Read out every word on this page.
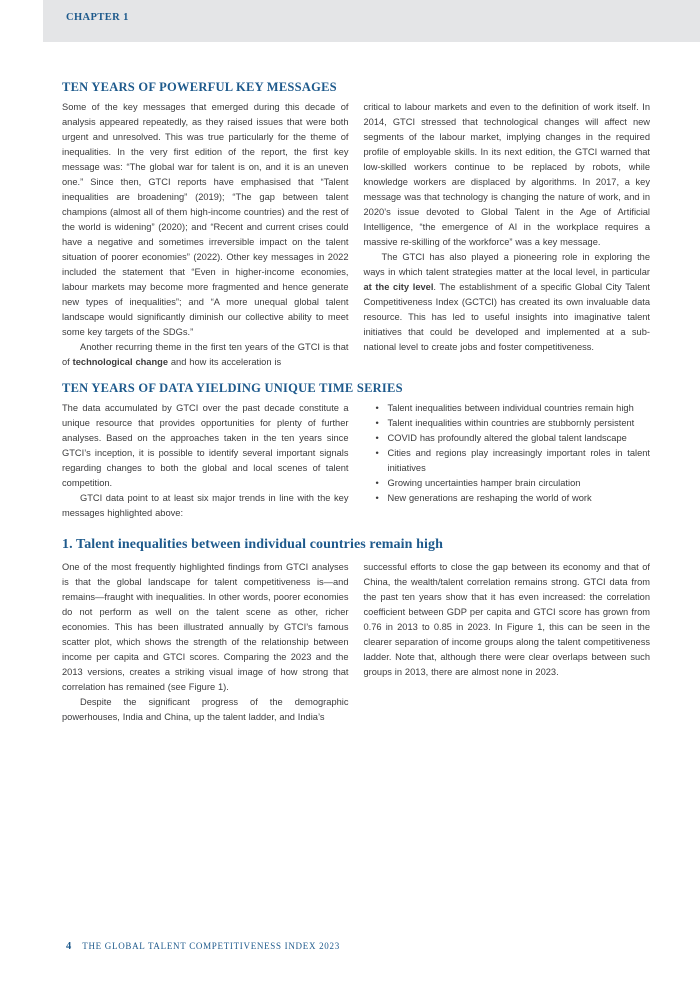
CHAPTER 1
TEN YEARS OF POWERFUL KEY MESSAGES

Some of the key messages that emerged during this decade of analysis appeared repeatedly, as they raised issues that were both urgent and unresolved. This was true particularly for the theme of inequalities. In the very first edition of the report, the first key message was: “The global war for talent is on, and it is an uneven one.” Since then, GTCI reports have emphasised that “Talent inequalities are broadening” (2019); “The gap between talent champions (almost all of them high-income countries) and the rest of the world is widening” (2020); and “Recent and current crises could have a negative and sometimes irreversible impact on the talent situation of poorer economies” (2022). Other key messages in 2022 included the statement that “Even in higher-income economies, labour markets may become more fragmented and hence generate new types of inequalities”; and “A more unequal global talent landscape would significantly diminish our collective ability to meet some key targets of the SDGs.”

Another recurring theme in the first ten years of the GTCI is that of technological change and how its acceleration is

critical to labour markets and even to the definition of work itself. In 2014, GTCI stressed that technological changes will affect new segments of the labour market, implying changes in the required profile of employable skills. In its next edition, the GTCI warned that low-skilled workers continue to be replaced by robots, while knowledge workers are displaced by algorithms. In 2017, a key message was that technology is changing the nature of work, and in 2020’s issue devoted to Global Talent in the Age of Artificial Intelligence, “the emergence of AI in the workplace requires a massive re-skilling of the workforce” was a key message.

The GTCI has also played a pioneering role in exploring the ways in which talent strategies matter at the local level, in particular at the city level. The establishment of a specific Global City Talent Competitiveness Index (GCTCI) has created its own invaluable data resource. This has led to useful insights into imaginative talent initiatives that could be developed and implemented at a sub-national level to create jobs and foster competitiveness.

TEN YEARS OF DATA YIELDING UNIQUE TIME SERIES

The data accumulated by GTCI over the past decade constitute a unique resource that provides opportunities for plenty of further analyses. Based on the approaches taken in the ten years since GTCI’s inception, it is possible to identify several important signals regarding changes to both the global and local scenes of talent competition.

GTCI data point to at least six major trends in line with the key messages highlighted above:

• Talent inequalities between individual countries remain high
• Talent inequalities within countries are stubbornly persistent
• COVID has profoundly altered the global talent landscape
• Cities and regions play increasingly important roles in talent initiatives
• Growing uncertainties hamper brain circulation
• New generations are reshaping the world of work
1. Talent inequalities between individual countries remain high

One of the most frequently highlighted findings from GTCI analyses is that the global landscape for talent competitiveness is—and remains—fraught with inequalities. In other words, poorer economies do not perform as well on the talent scene as other, richer economies. This has been illustrated annually by GTCI’s famous scatter plot, which shows the strength of the relationship between income per capita and GTCI scores. Comparing the 2023 and the 2013 versions, creates a striking visual image of how strong that correlation has remained (see Figure 1).

Despite the significant progress of the demographic powerhouses, India and China, up the talent ladder, and India’s

successful efforts to close the gap between its economy and that of China, the wealth/talent correlation remains strong. GTCI data from the past ten years show that it has even increased: the correlation coefficient between GDP per capita and GTCI score has grown from 0.76 in 2013 to 0.85 in 2023. In Figure 1, this can be seen in the clearer separation of income groups along the talent competitiveness ladder. Note that, although there were clear overlaps between such groups in 2013, there are almost none in 2023.

4 THE GLOBAL TALENT COMPETITIVENESS INDEX 2023
